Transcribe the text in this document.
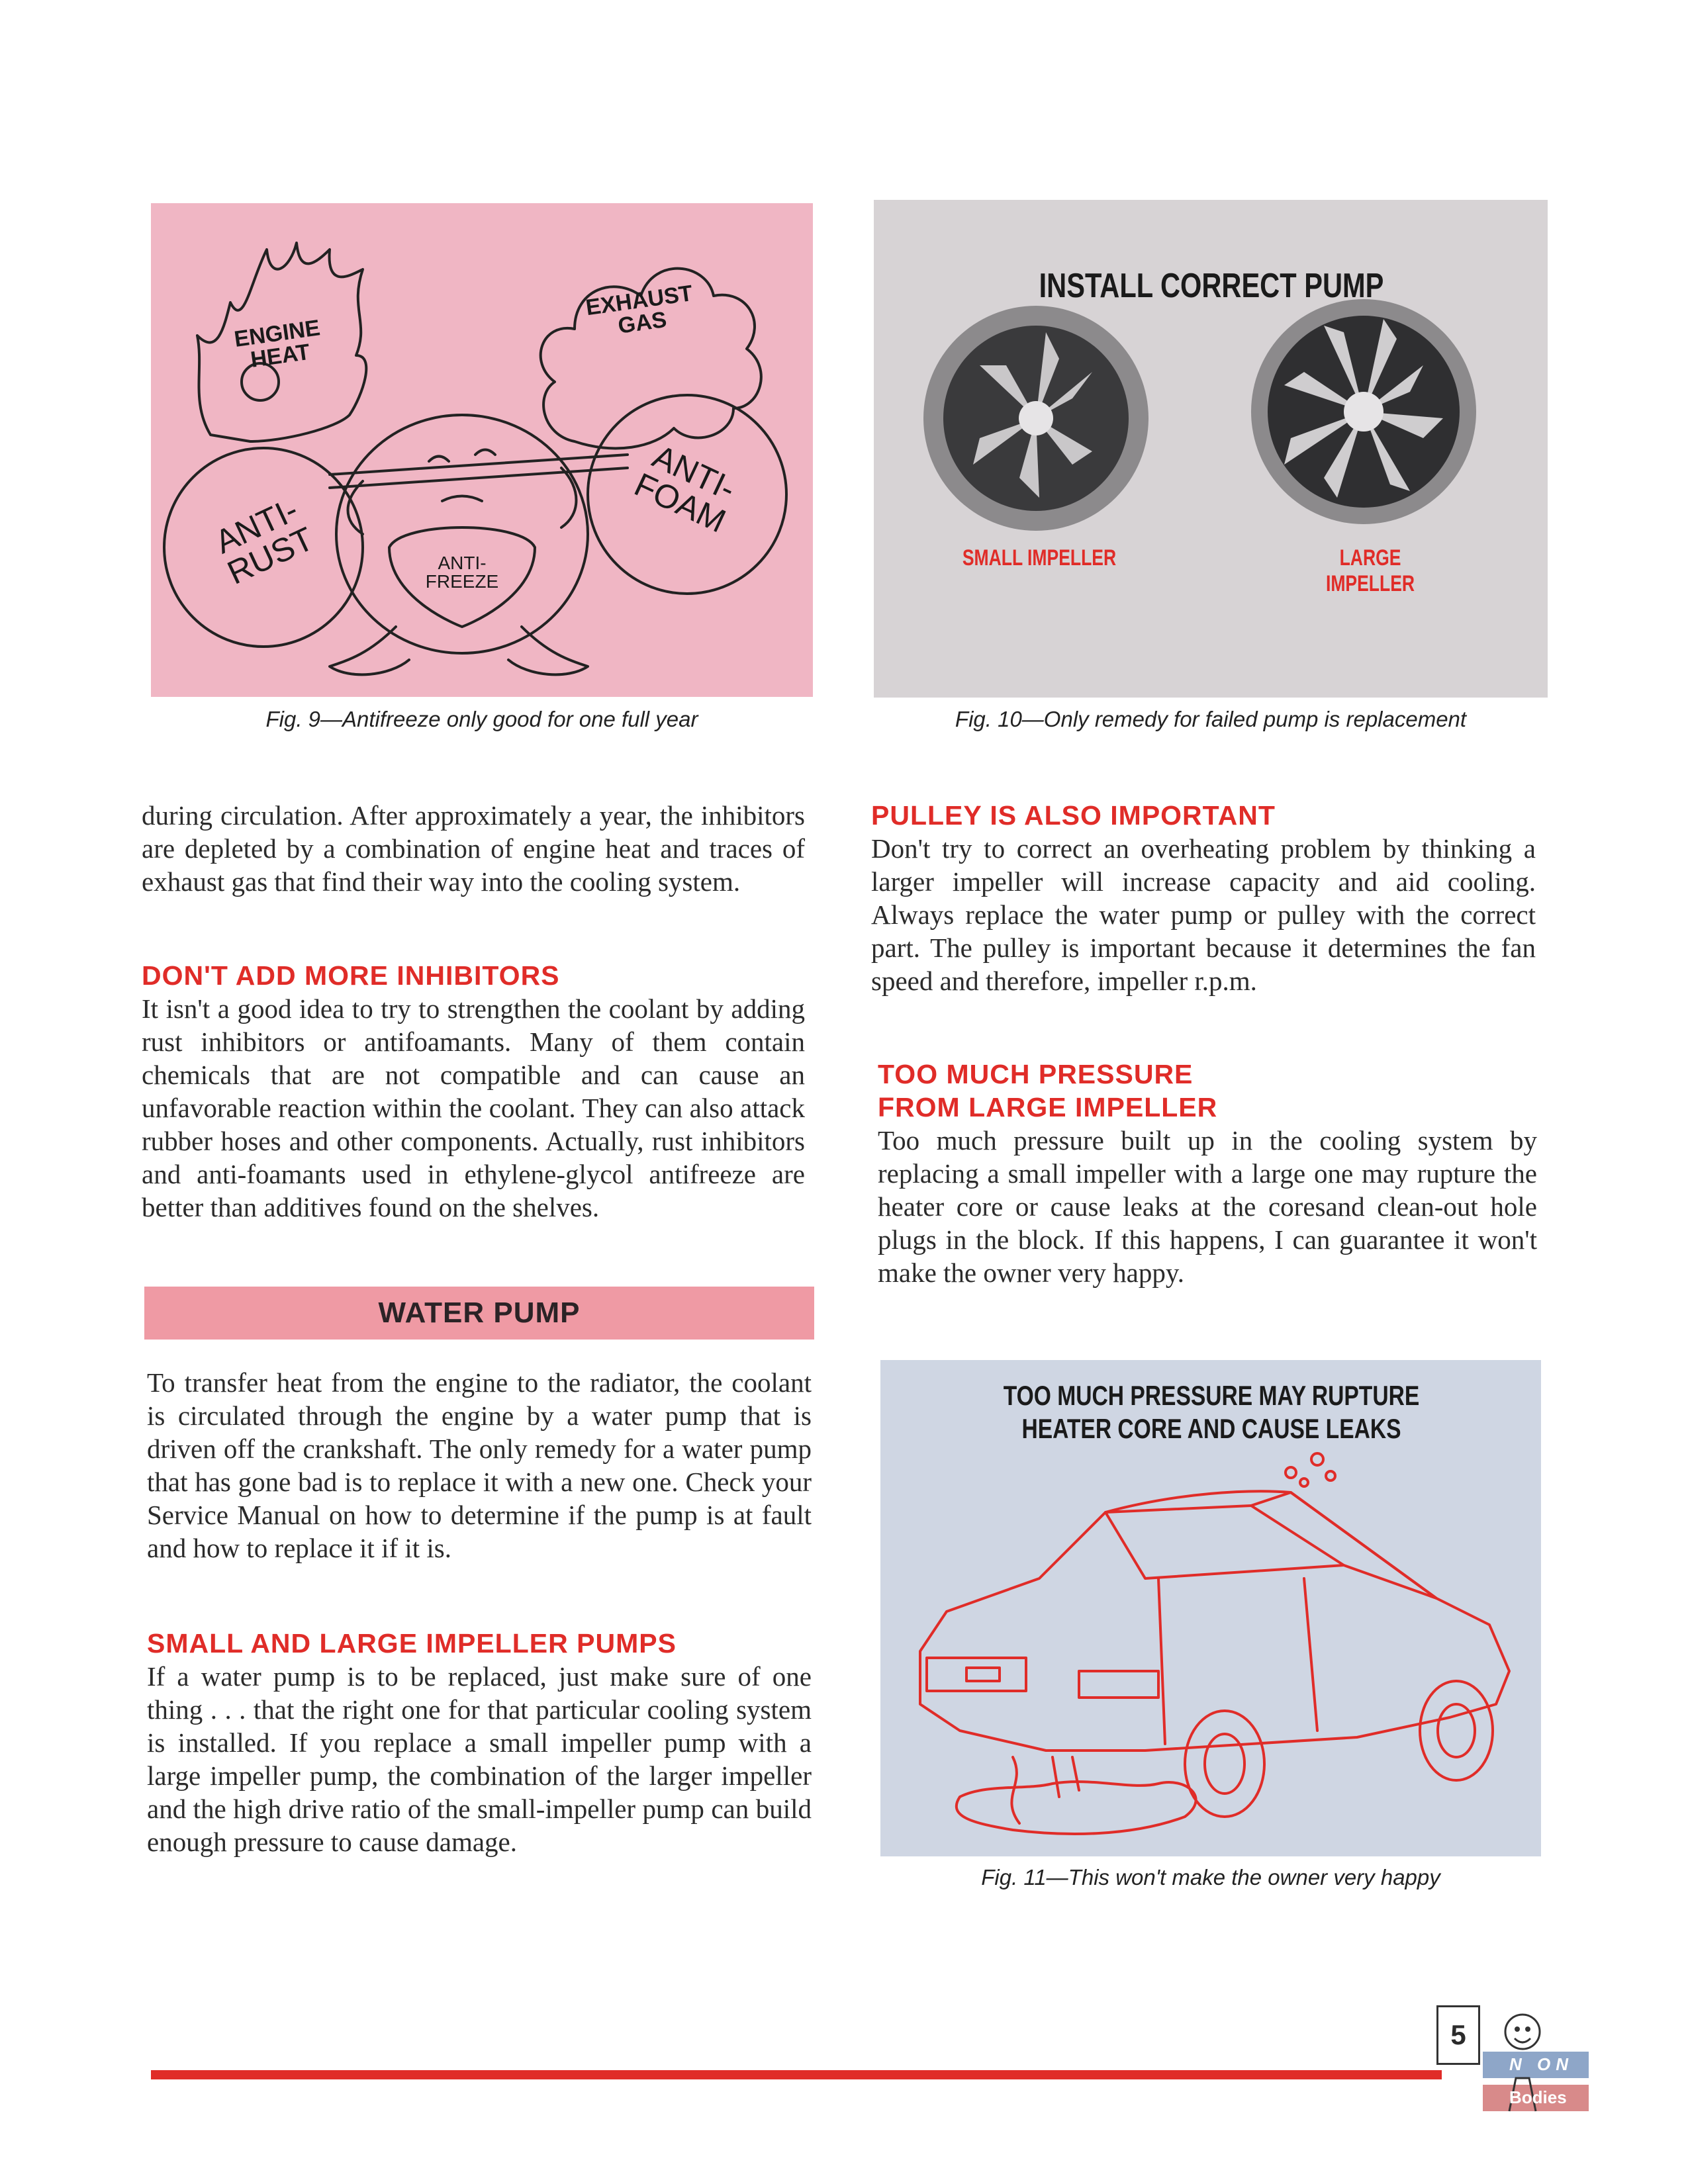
ENGINE HEAT
EXHAUST GAS
ANTI- RUST
ANTI- FOAM
ANTI- FREEZE
Fig. 9—Antifreeze only good for one full year
INSTALL CORRECT PUMP
SMALL IMPELLER	LARGE IMPELLER
Fig. 10—Only remedy for failed pump is replacement

during circulation. After approximately a year, the inhibitors are depleted by a combination of engine heat and traces of exhaust gas that find their way into the cooling system.

DON'T ADD MORE INHIBITORS

It isn't a good idea to try to strengthen the coolant by adding rust inhibitors or antifoamants. Many of them contain chemicals that are not compatible and can cause an unfavorable reaction within the coolant. They can also attack rubber hoses and other components. Actually, rust inhibitors and anti-foamants used in ethylene-glycol antifreeze are better than additives found on the shelves.

WATER PUMP

To transfer heat from the engine to the radiator, the coolant is circulated through the engine by a water pump that is driven off the crankshaft. The only remedy for a water pump that has gone bad is to replace it with a new one. Check your Service Manual on how to determine if the pump is at fault and how to replace it if it is.

SMALL AND LARGE IMPELLER PUMPS

If a water pump is to be replaced, just make sure of one thing . . . that the right one for that particular cooling system is installed. If you replace a small impeller pump with a large impeller pump, the combination of the larger impeller and the high drive ratio of the small-impeller pump can build enough pressure to cause damage.

PULLEY IS ALSO IMPORTANT

Don't try to correct an overheating problem by thinking a larger impeller will increase capacity and aid cooling. Always replace the water pump or pulley with the correct part. The pulley is important because it determines the fan speed and therefore, impeller r.p.m.

TOO MUCH PRESSURE
FROM LARGE IMPELLER

Too much pressure built up in the cooling system by replacing a small impeller with a large one may rupture the heater core or cause leaks at the coresand clean-out hole plugs in the block. If this happens, I can guarantee it won't make the owner very happy.

TOO MUCH PRESSURE MAY RUPTURE
HEATER CORE AND CAUSE LEAKS
Fig. 11—This won't make the owner very happy
5
N ON
Bodies
